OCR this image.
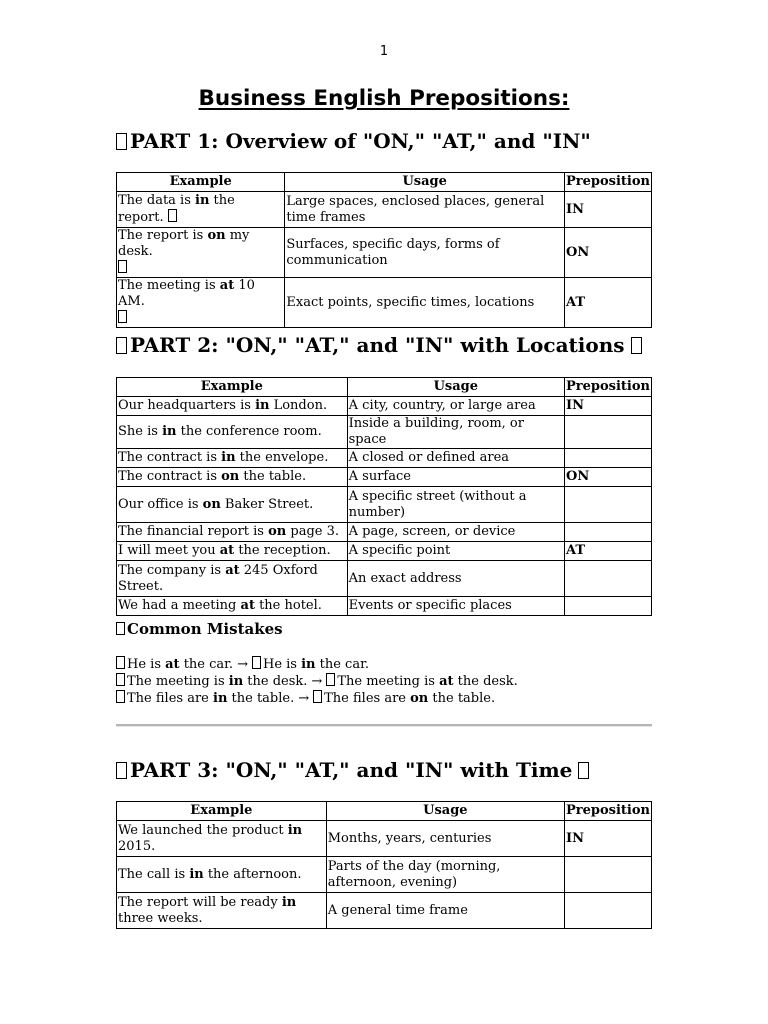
1
Business English Prepositions:
PART 1: Overview of "ON," "AT," and "IN"
Example	Usage	Preposition
The data is in the report.	Large spaces, enclosed places, general time frames	IN
The report is on my desk.	Surfaces, specific days, forms of communication	ON
The meeting is at 10 AM.	Exact points, specific times, locations	AT
PART 2: "ON," "AT," and "IN" with Locations
Example	Usage	Preposition
Our headquarters is in London.	A city, country, or large area	IN
She is in the conference room.	Inside a building, room, or space	
The contract is in the envelope.	A closed or defined area	
The contract is on the table.	A surface	ON
Our office is on Baker Street.	A specific street (without a number)	
The financial report is on page 3.	A page, screen, or device	
I will meet you at the reception.	A specific point	AT
The company is at 245 Oxford Street.	An exact address	
We had a meeting at the hotel.	Events or specific places	
Common Mistakes
He is at the car. → He is in the car.
The meeting is in the desk. → The meeting is at the desk.
The files are in the table. → The files are on the table.
PART 3: "ON," "AT," and "IN" with Time
Example	Usage	Preposition
We launched the product in 2015.	Months, years, centuries	IN
The call is in the afternoon.	Parts of the day (morning, afternoon, evening)	
The report will be ready in three weeks.	A general time frame	
